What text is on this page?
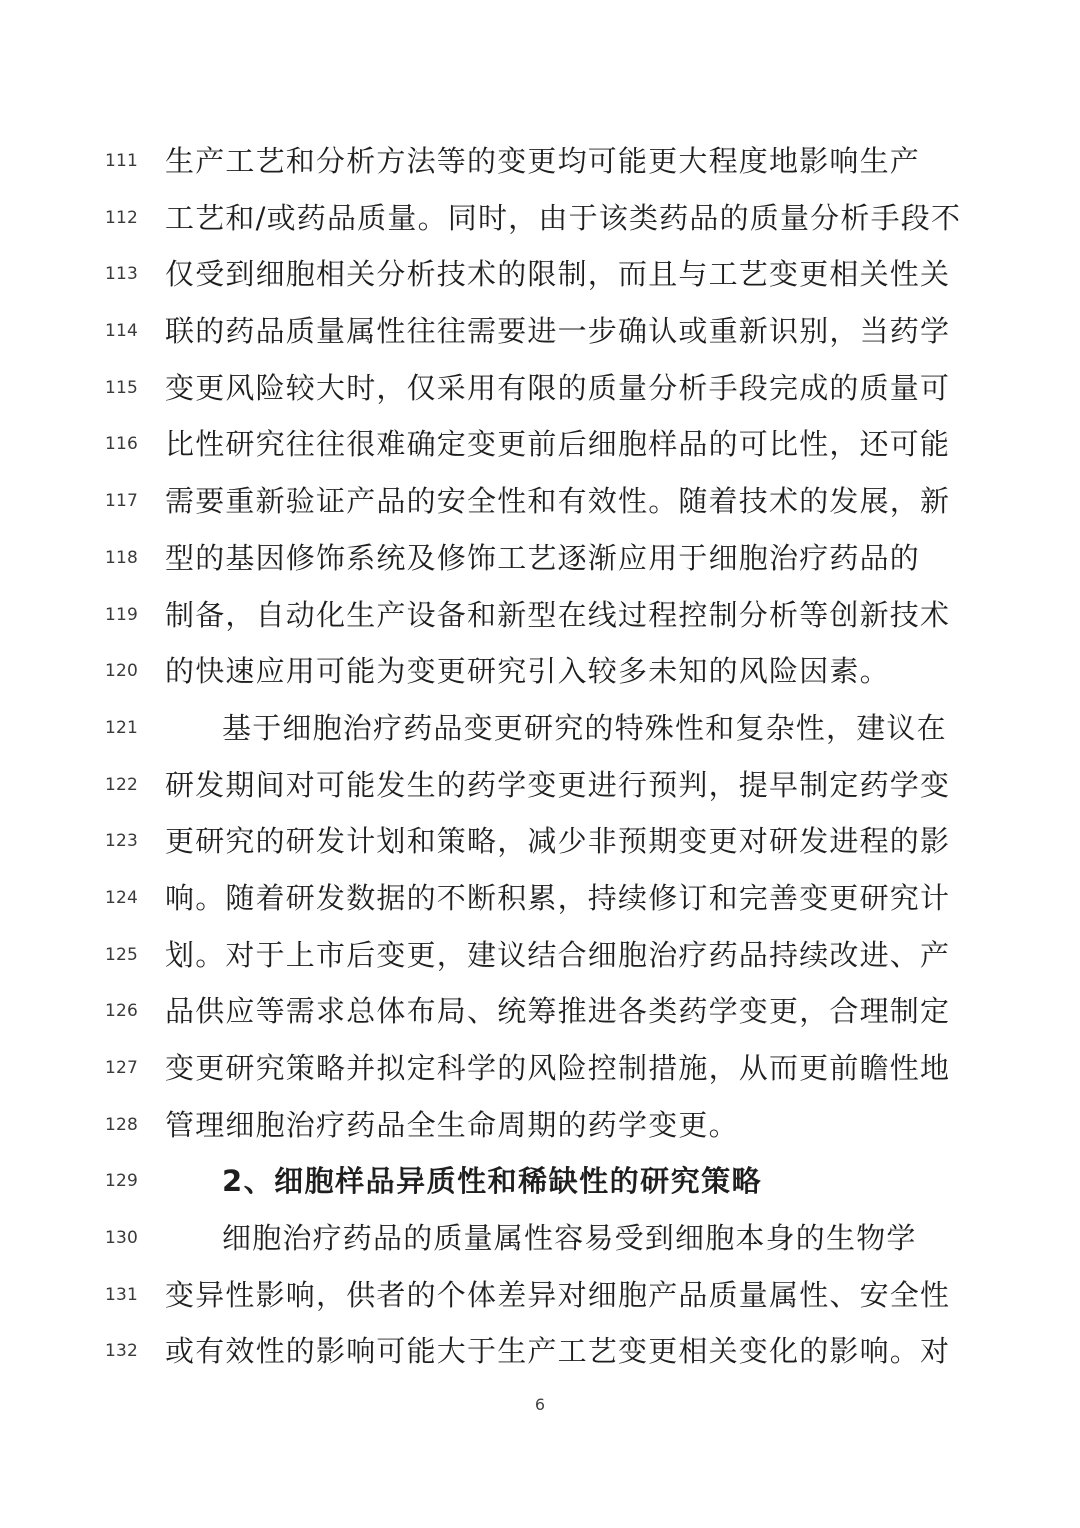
111 生产工艺和分析方法等的变更均可能更大程度地影响生产
112 工艺和/或药品质量。同时，由于该类药品的质量分析手段不
113 仅受到细胞相关分析技术的限制，而且与工艺变更相关性关
114 联的药品质量属性往往需要进一步确认或重新识别，当药学
115 变更风险较大时，仅采用有限的质量分析手段完成的质量可
116 比性研究往往很难确定变更前后细胞样品的可比性，还可能
117 需要重新验证产品的安全性和有效性。随着技术的发展，新
118 型的基因修饰系统及修饰工艺逐渐应用于细胞治疗药品的
119 制备，自动化生产设备和新型在线过程控制分析等创新技术
120 的快速应用可能为变更研究引入较多未知的风险因素。
121	基于细胞治疗药品变更研究的特殊性和复杂性，建议在
122 研发期间对可能发生的药学变更进行预判，提早制定药学变
123 更研究的研发计划和策略，减少非预期变更对研发进程的影
124 响。随着研发数据的不断积累，持续修订和完善变更研究计
125 划。对于上市后变更，建议结合细胞治疗药品持续改进、产
126 品供应等需求总体布局、统筹推进各类药学变更，合理制定
127 变更研究策略并拟定科学的风险控制措施，从而更前瞻性地
128 管理细胞治疗药品全生命周期的药学变更。
129	2、细胞样品异质性和稀缺性的研究策略
130	细胞治疗药品的质量属性容易受到细胞本身的生物学
131 变异性影响，供者的个体差异对细胞产品质量属性、安全性
132 或有效性的影响可能大于生产工艺变更相关变化的影响。对
6
